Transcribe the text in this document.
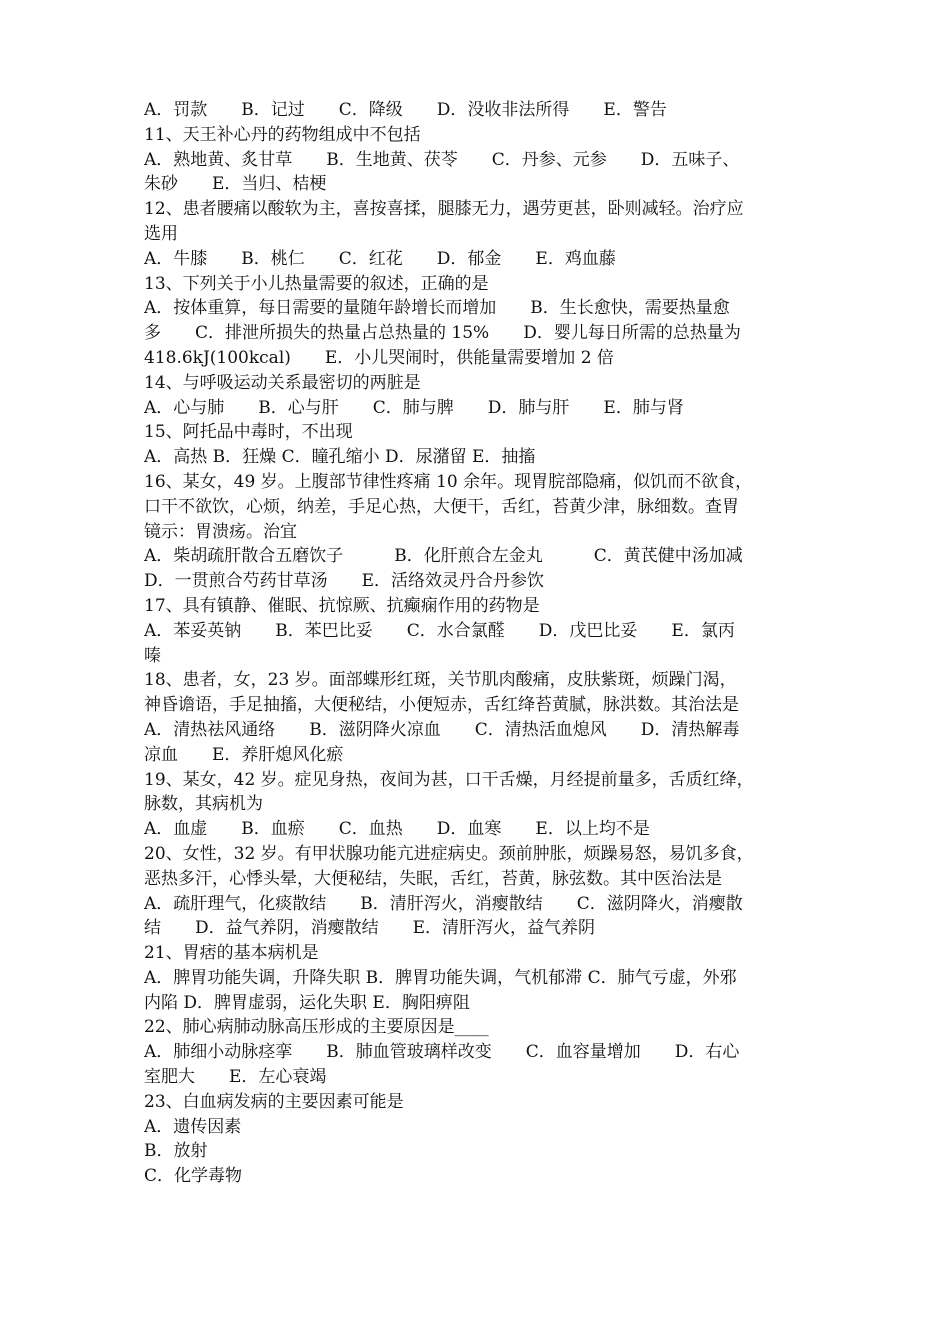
A．罚款　　B．记过　　C．降级　　D．没收非法所得　　E．警告
11、天王补心丹的药物组成中不包括
A．熟地黄、炙甘草　　B．生地黄、茯苓　　C．丹参、元参　　D．五味子、
朱砂　　E．当归、桔梗
12、患者腰痛以酸软为主，喜按喜揉，腿膝无力，遇劳更甚，卧则减轻。治疗应
选用
A．牛膝　　B．桃仁　　C．红花　　D．郁金　　E．鸡血藤
13、下列关于小儿热量需要的叙述，正确的是
A．按体重算，每日需要的量随年龄增长而增加　　B．生长愈快，需要热量愈
多　　C．排泄所损失的热量占总热量的 15%　　D．婴儿每日所需的总热量为
418.6kJ(100kcal)　　E．小儿哭闹时，供能量需要增加 2 倍
14、与呼吸运动关系最密切的两脏是
A．心与肺　　B．心与肝　　C．肺与脾　　D．肺与肝　　E．肺与肾
15、阿托品中毒时，不出现
A．高热 B．狂燥 C．瞳孔缩小 D．尿潴留 E．抽搐
16、某女，49 岁。上腹部节律性疼痛 10 余年。现胃脘部隐痛，似饥而不欲食，
口干不欲饮，心烦，纳差，手足心热，大便干，舌红，苔黄少津，脉细数。查胃
镜示：胃溃疡。治宜
A．柴胡疏肝散合五磨饮子　　　B．化肝煎合左金丸　　　C．黄芪健中汤加减
D．一贯煎合芍药甘草汤　　E．活络效灵丹合丹参饮
17、具有镇静、催眠、抗惊厥、抗癫痫作用的药物是
A．苯妥英钠　　B．苯巴比妥　　C．水合氯醛　　D．戊巴比妥　　E．氯丙
嗪
18、患者，女，23 岁。面部蝶形红斑，关节肌肉酸痛，皮肤紫斑，烦躁门渴，
神昏谵语，手足抽搐，大便秘结，小便短赤，舌红绛苔黄腻，脉洪数。其治法是
A．清热祛风通络　　B．滋阴降火凉血　　C．清热活血熄风　　D．清热解毒
凉血　　E．养肝熄风化瘀
19、某女，42 岁。症见身热，夜间为甚，口干舌燥，月经提前量多，舌质红绛，
脉数，其病机为
A．血虚　　B．血瘀　　C．血热　　D．血寒　　E．以上均不是
20、女性，32 岁。有甲状腺功能亢进症病史。颈前肿胀，烦躁易怒，易饥多食，
恶热多汗，心悸头晕，大便秘结，失眠，舌红，苔黄，脉弦数。其中医治法是
A．疏肝理气，化痰散结　　B．清肝泻火，消瘿散结　　C．滋阴降火，消瘿散
结　　D．益气养阴，消瘿散结　　E．清肝泻火，益气养阴
21、胃痞的基本病机是
A．脾胃功能失调，升降失职 B．脾胃功能失调，气机郁滞 C．肺气亏虚，外邪
内陷 D．脾胃虚弱，运化失职 E．胸阳痹阻
22、肺心病肺动脉高压形成的主要原因是____
A．肺细小动脉痉挛　　B．肺血管玻璃样改变　　C．血容量增加　　D．右心
室肥大　　E．左心衰竭
23、白血病发病的主要因素可能是
A．遗传因素
B．放射
C．化学毒物
